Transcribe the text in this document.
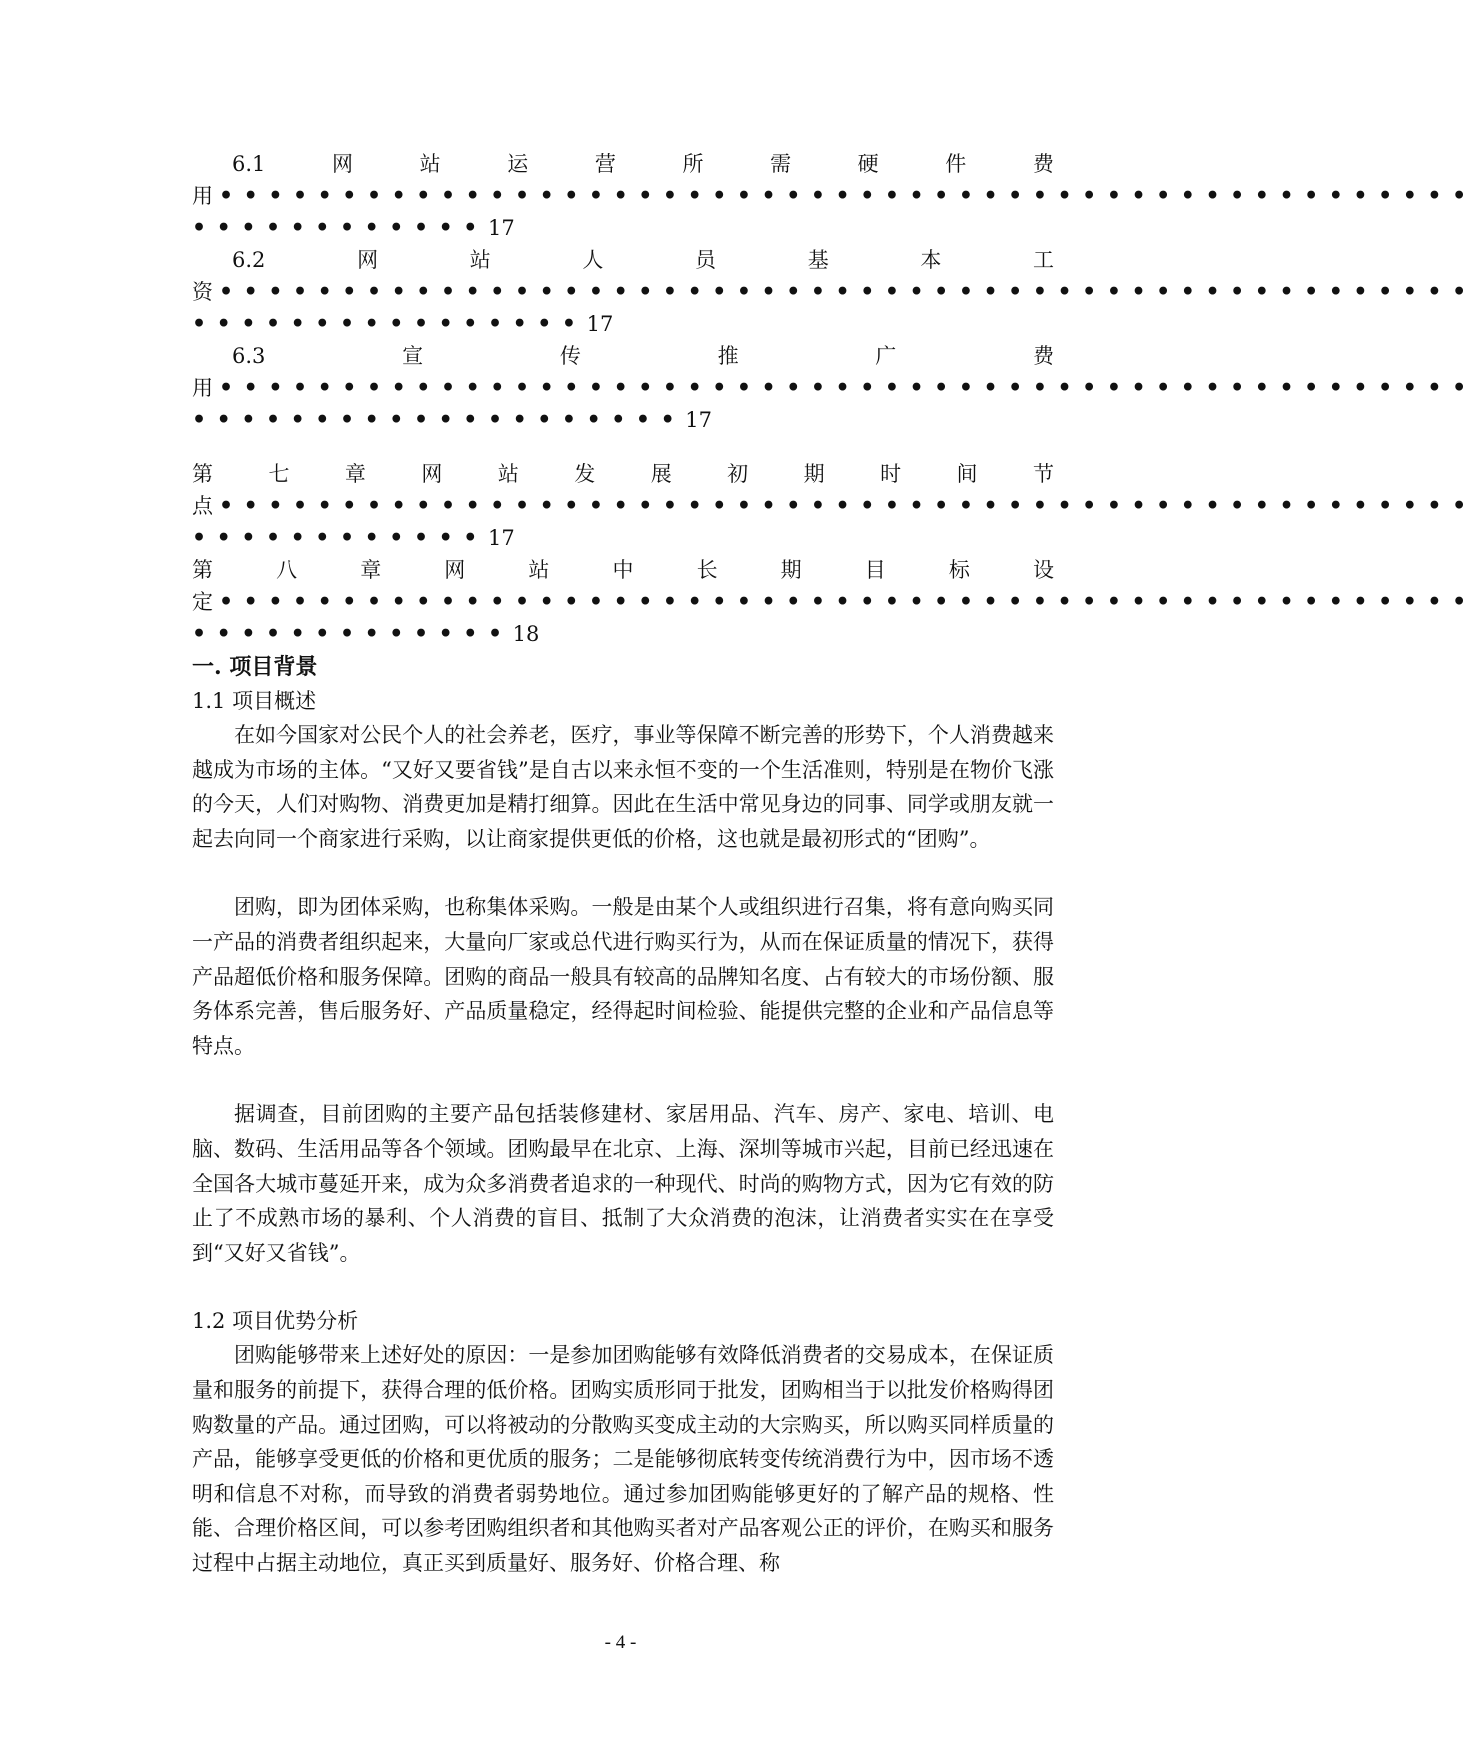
6.1	网	站	运	营	所	需	硬	件	费
用 •••••••••••••••••••••••••••••••••••••••••••••••••••
•••••••••••• 17
6.2	网	站	人	员	基	本	工
资 •••••••••••••••••••••••••••••••••••••••••••••••••••
•••••••••••••••• 17
6.3	宣	传	推	广	费
用 •••••••••••••••••••••••••••••••••••••••••••••••••••
•••••••••••••••••••• 17
第	七	章	网	站	发	展	初	期	时	间	节
点 •••••••••••••••••••••••••••••••••••••••••••••••••••
•••••••••••• 17
第	八	章	网	站	中	长	期	目	标	设
定 •••••••••••••••••••••••••••••••••••••••••••••••••••
••••••••••••• 18
一. 项目背景
1.1 项目概述

在如今国家对公民个人的社会养老，医疗，事业等保障不断完善的形势下，个人消费越来越成为市场的主体。“又好又要省钱”是自古以来永恒不变的一个生活准则，特别是在物价飞涨的今天，人们对购物、消费更加是精打细算。因此在生活中常见身边的同事、同学或朋友就一起去向同一个商家进行采购，以让商家提供更低的价格，这也就是最初形式的“团购”。

团购，即为团体采购，也称集体采购。一般是由某个人或组织进行召集，将有意向购买同一产品的消费者组织起来，大量向厂家或总代进行购买行为，从而在保证质量的情况下，获得产品超低价格和服务保障。团购的商品一般具有较高的品牌知名度、占有较大的市场份额、服务体系完善，售后服务好、产品质量稳定，经得起时间检验、能提供完整的企业和产品信息等特点。

据调查，目前团购的主要产品包括装修建材、家居用品、汽车、房产、家电、培训、电脑、数码、生活用品等各个领域。团购最早在北京、上海、深圳等城市兴起，目前已经迅速在全国各大城市蔓延开来，成为众多消费者追求的一种现代、时尚的购物方式，因为它有效的防止了不成熟市场的暴利、个人消费的盲目、抵制了大众消费的泡沫，让消费者实实在在享受到“又好又省钱”。

1.2 项目优势分析

团购能够带来上述好处的原因：一是参加团购能够有效降低消费者的交易成本，在保证质量和服务的前提下，获得合理的低价格。团购实质形同于批发，团购相当于以批发价格购得团购数量的产品。通过团购，可以将被动的分散购买变成主动的大宗购买，所以购买同样质量的产品，能够享受更低的价格和更优质的服务；二是能够彻底转变传统消费行为中，因市场不透明和信息不对称，而导致的消费者弱势地位。通过参加团购能够更好的了解产品的规格、性能、合理价格区间，可以参考团购组织者和其他购买者对产品客观公正的评价，在购买和服务过程中占据主动地位，真正买到质量好、服务好、价格合理、称

- 4 -
